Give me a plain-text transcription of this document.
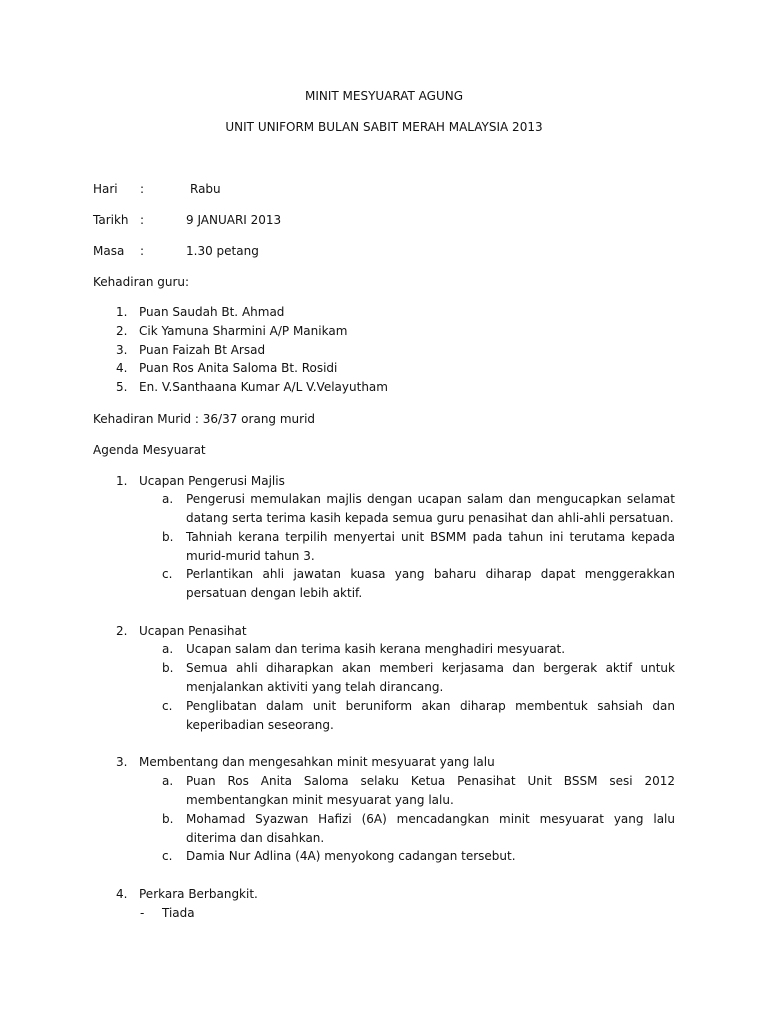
MINIT MESYUARAT AGUNG
UNIT UNIFORM BULAN SABIT MERAH MALAYSIA 2013
Hari :	Rabu
Tarikh :	9 JANUARI 2013
Masa :	1.30 petang
Kehadiran guru:
1. Puan Saudah Bt. Ahmad
2. Cik Yamuna Sharmini A/P Manikam
3. Puan Faizah Bt Arsad
4. Puan Ros Anita Saloma Bt. Rosidi
5. En. V.Santhaana Kumar A/L V.Velayutham
Kehadiran Murid : 36/37 orang murid
Agenda Mesyuarat
1. Ucapan Pengerusi Majlis
a. Pengerusi memulakan majlis dengan ucapan salam dan mengucapkan selamat datang serta terima kasih kepada semua guru penasihat dan ahli-ahli persatuan.
b. Tahniah kerana terpilih menyertai unit BSMM pada tahun ini terutama kepada murid-murid tahun 3.
c. Perlantikan ahli jawatan kuasa yang baharu diharap dapat menggerakkan persatuan dengan lebih aktif.
2. Ucapan Penasihat
a. Ucapan salam dan terima kasih kerana menghadiri mesyuarat.
b. Semua ahli diharapkan akan memberi kerjasama dan bergerak aktif untuk menjalankan aktiviti yang telah dirancang.
c. Penglibatan dalam unit beruniform akan diharap membentuk sahsiah dan keperibadian seseorang.
3. Membentang dan mengesahkan minit mesyuarat yang lalu
a. Puan Ros Anita Saloma selaku Ketua Penasihat Unit BSSM sesi 2012 membentangkan minit mesyuarat yang lalu.
b. Mohamad Syazwan Hafizi (6A) mencadangkan minit mesyuarat yang lalu diterima dan disahkan.
c. Damia Nur Adlina (4A) menyokong cadangan tersebut.
4. Perkara Berbangkit.
- Tiada
